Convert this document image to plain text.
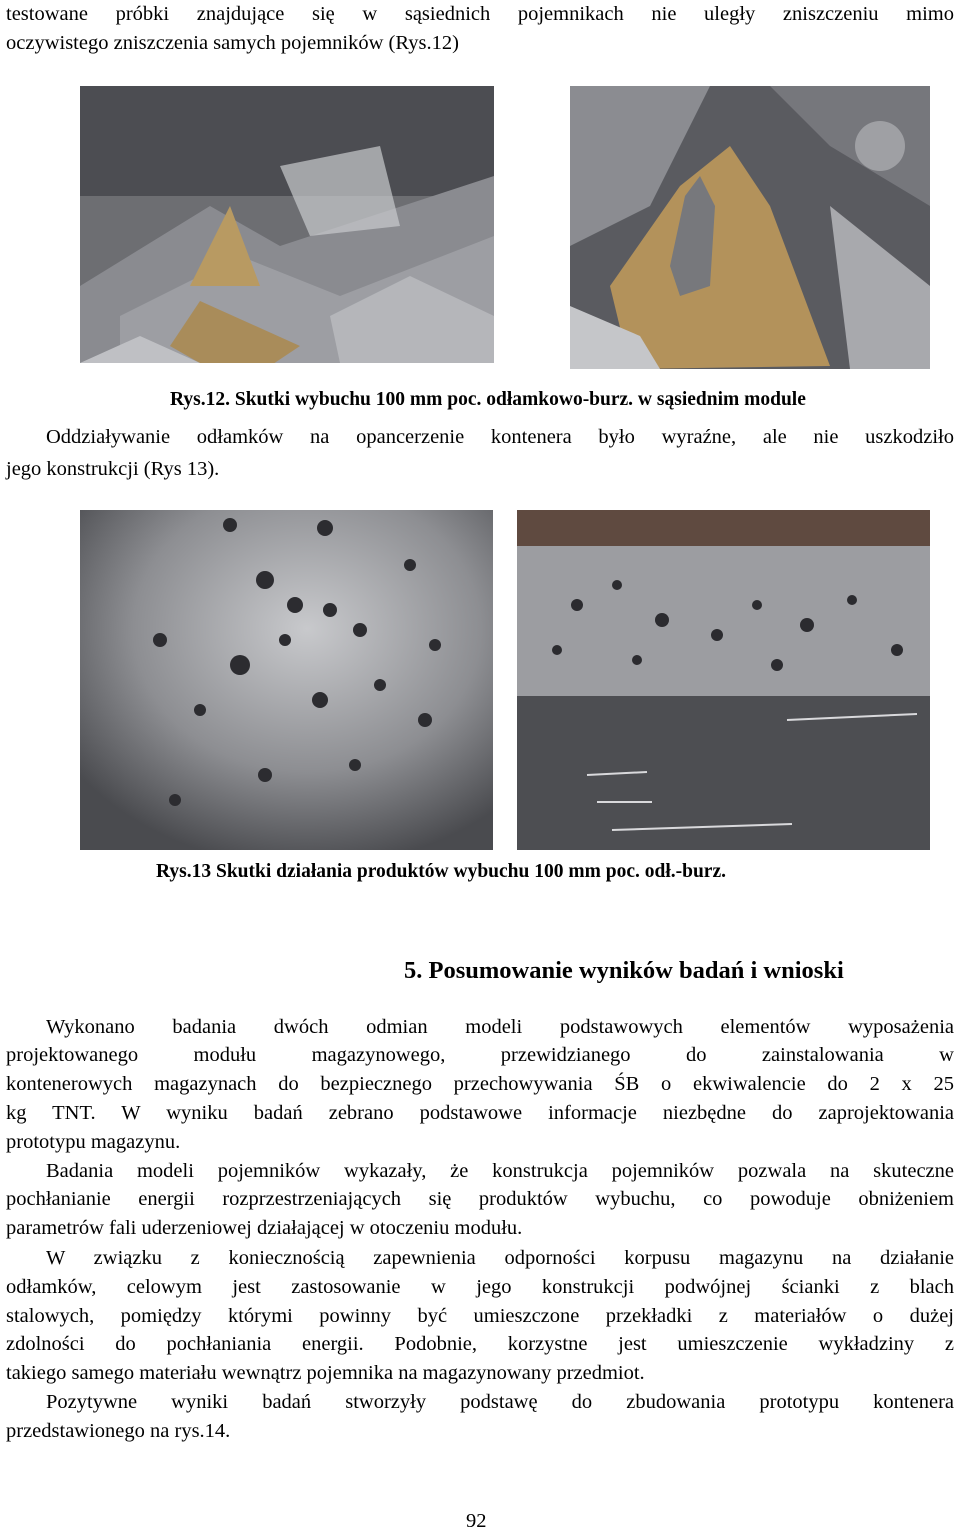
testowane próbki znajdujące się w sąsiednich pojemnikach nie uległy zniszczeniu mimo
oczywistego zniszczenia samych pojemników (Rys.12)
Rys.12. Skutki wybuchu 100 mm poc. odłamkowo-burz. w sąsiednim module
Oddziaływanie odłamków na opancerzenie kontenera było wyraźne, ale nie uszkodziło
jego konstrukcji (Rys 13).
Rys.13 Skutki działania produktów wybuchu 100 mm poc. odł.-burz.
5. Posumowanie wyników badań i wnioski
Wykonano badania dwóch odmian modeli podstawowych elementów wyposażenia
projektowanego modułu magazynowego, przewidzianego do zainstalowania w
kontenerowych magazynach do bezpiecznego przechowywania ŚB o ekwiwalencie do 2 x 25
kg TNT. W wyniku badań zebrano podstawowe informacje niezbędne do zaprojektowania
prototypu magazynu.
Badania modeli pojemników wykazały, że konstrukcja pojemników pozwala na skuteczne
pochłanianie energii rozprzestrzeniających się produktów wybuchu, co powoduje obniżeniem
parametrów fali uderzeniowej działającej w otoczeniu modułu.
W związku z koniecznością zapewnienia odporności korpusu magazynu na działanie
odłamków, celowym jest zastosowanie w jego konstrukcji podwójnej ścianki z blach
stalowych, pomiędzy którymi powinny być umieszczone przekładki z materiałów o dużej
zdolności do pochłaniania energii. Podobnie, korzystne jest umieszczenie wykładziny z
takiego samego materiału wewnątrz pojemnika na magazynowany przedmiot.
Pozytywne wyniki badań stworzyły podstawę do zbudowania prototypu kontenera
przedstawionego na rys.14.
92
